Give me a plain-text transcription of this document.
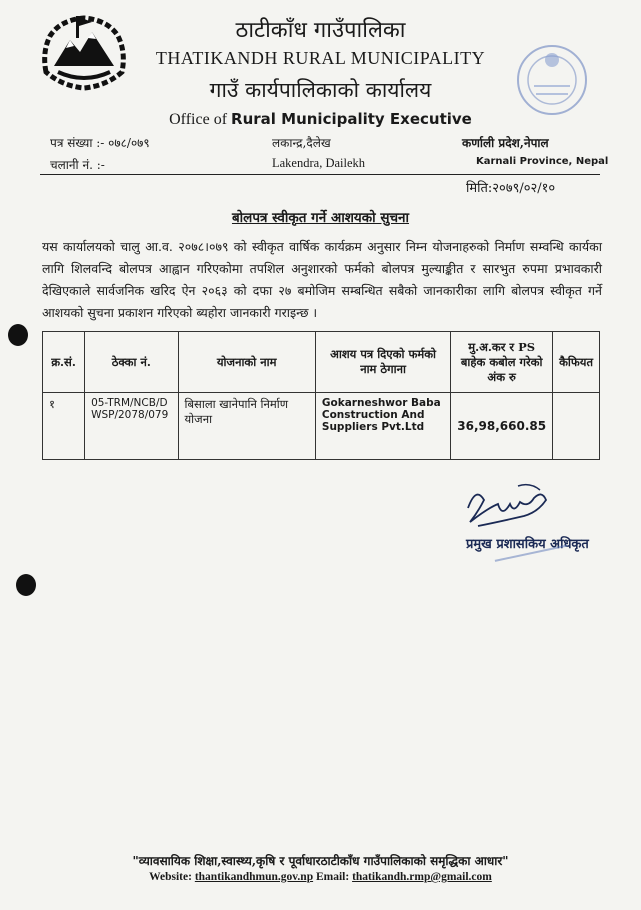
ठाटीकाँध गाउँपालिका
THATIKANDH RURAL MUNICIPALITY
गाउँ कार्यपालिकाको कार्यालय
Office of Rural Municipality Executive
पत्र संख्या :- ०७८/०७९
चलानी नं. :-
लकान्द्र,दैलेख
Lakendra, Dailekh
कर्णाली प्रदेश,नेपाल
Karnali Province, Nepal
मिति:२०७९/०२/१०
बोलपत्र स्वीकृत गर्ने आशयको सुचना
यस कार्यालयको चालु आ.व. २०७८।०७९ को स्वीकृत वार्षिक कार्यक्रम अनुसार निम्न योजनाहरुको निर्माण सम्वन्धि कार्यका लागि शिलवन्दि बोलपत्र आह्वान गरिएकोमा तपशिल अनुशारको फर्मको बोलपत्र मुल्याङ्कीत र सारभुत रुपमा प्रभावकारी देखिएकाले सार्वजनिक खरिद ऐन २०६३ को दफा २७ बमोजिम सम्बन्धित सबैको जानकारीका लागि बोलपत्र स्वीकृत गर्ने आशयको सुचना प्रकाशन गरिएको ब्यहोरा जानकारी गराइन्छ ।
क्र.सं.	ठेक्का नं.	योजनाको नाम	आशय पत्र दिएको फर्मको नाम ठेगाना	मु.अ.कर र PS बाहेक कबोल गरेको अंक रु	कैफियत
१	05-TRM/NCB/DWSP/2078/079	बिसाला खानेपानि निर्माण योजना	Gokarneshwor Baba Construction And Suppliers Pvt.Ltd	36,98,660.85	
प्रमुख प्रशासकिय अधिकृत
"व्यावसायिक शिक्षा,स्वास्थ्य,कृषि र पूर्वाधारठाटीकाँध गाउँपालिकाको समृद्धिका आधार"
Website: thantikandhmun.gov.np Email: thatikandh.rmp@gmail.com
